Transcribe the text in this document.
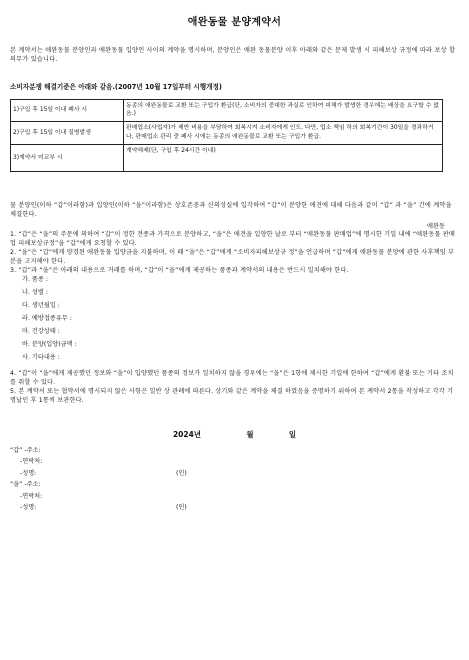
애완동물 분양계약서
본 계약서는 애완동물 분양인과 애완동물 입양인 사이의 계약을 명시하며, 분양인은 애완 동물분양 이후 아래와 같은 문제 발생 시 피해보상 규정에 따라 보상 할 의무가 있습니다.
소비자분쟁 해결기준은 아래와 같음.(2007년 10월 17일부터 시행개정)
1)구입 후 15일 이내 폐사 시	동종의 애완동물로 교환 또는 구입가 환급(단, 소비자의 중대한 과실로 인하여 피해가 발생한 경우에는 배상을 요구할 수 없음.)
2)구입 후 15일 이내 질병발생	판매업소(사업자)가 제반 비용을 부담하여 회복시켜 소비자에게 인도. 다만, 업소 책임 하의 회복기간이 30일을 경과하거나, 판매업소 관리 중 폐사 시에는 동종의 애완동물로 교환 또는 구입가 환급.
3)계약서 미교부 시	계약해제(단, 구입 후 24시간 이내)
애완동
물 분양인(이하 “갑”이라함)과 입양인(이하 “을”이라함)은 상호존중과 신의성실에 입각하여 “갑”이 분양한 애견에 대해 다음과 같이 “갑” 과 “을” 간에 계약을 체결한다.

1. “갑”은 “을”의 주문에 의하여 “갑”이 정한 견종과 가격으로 분양하고, “을”은 애견을 입양한 날로 부터 “애완동물 판매업”에 명시한 기일 내에 “애완동물 판매업 피해보상규정”을 “갑”에게 요청할 수 있다.

2. “을”은 “갑”에게 양경된 애완동물 입양금을 지불하며, 이 때 “을”은 “갑”에게 “소비자피해보상규 정”을 언급하며 “갑”에게 애완동물 분양에 관한 사후책임 부분을 고지해야 한다.

3. “갑”과 “을”은 아래의 내용으로 거래를 하며, “갑”이 “을”에게 제공하는 품종과 계약서의 내용은 반드시 일치해야 한다.

가. 품종 :
나. 성별 :
다. 생년월일 :
라. 예방접종유무 :
마. 건강상태 :
바. 분양(입양)금액 :
사. 기타내용 :

4. “갑”이 “을”에게 제공했던 정보와 “을”이 입양했던 품종의 정보가 일치하지 않을 경우에는 “을”은 1항에 제시한 기일에 한하여 “갑”에게 환불 또는 기타 조치를 취할 수 있다.

5. 본 계약서 또는 협약서에 명시되지 않은 사항은 일반 상 관례에 따른다. 상기와 같은 계약을 체결 하였음을 증명하기 위하여 본 계약서 2통을 작성하고 각각 기명날인 후 1통씩 보관한다.

2024년	월	일
“갑” -주소:
-연락처:
-성명:	(인)
“을” -주소:
-연락처:
-성명:	(인)
